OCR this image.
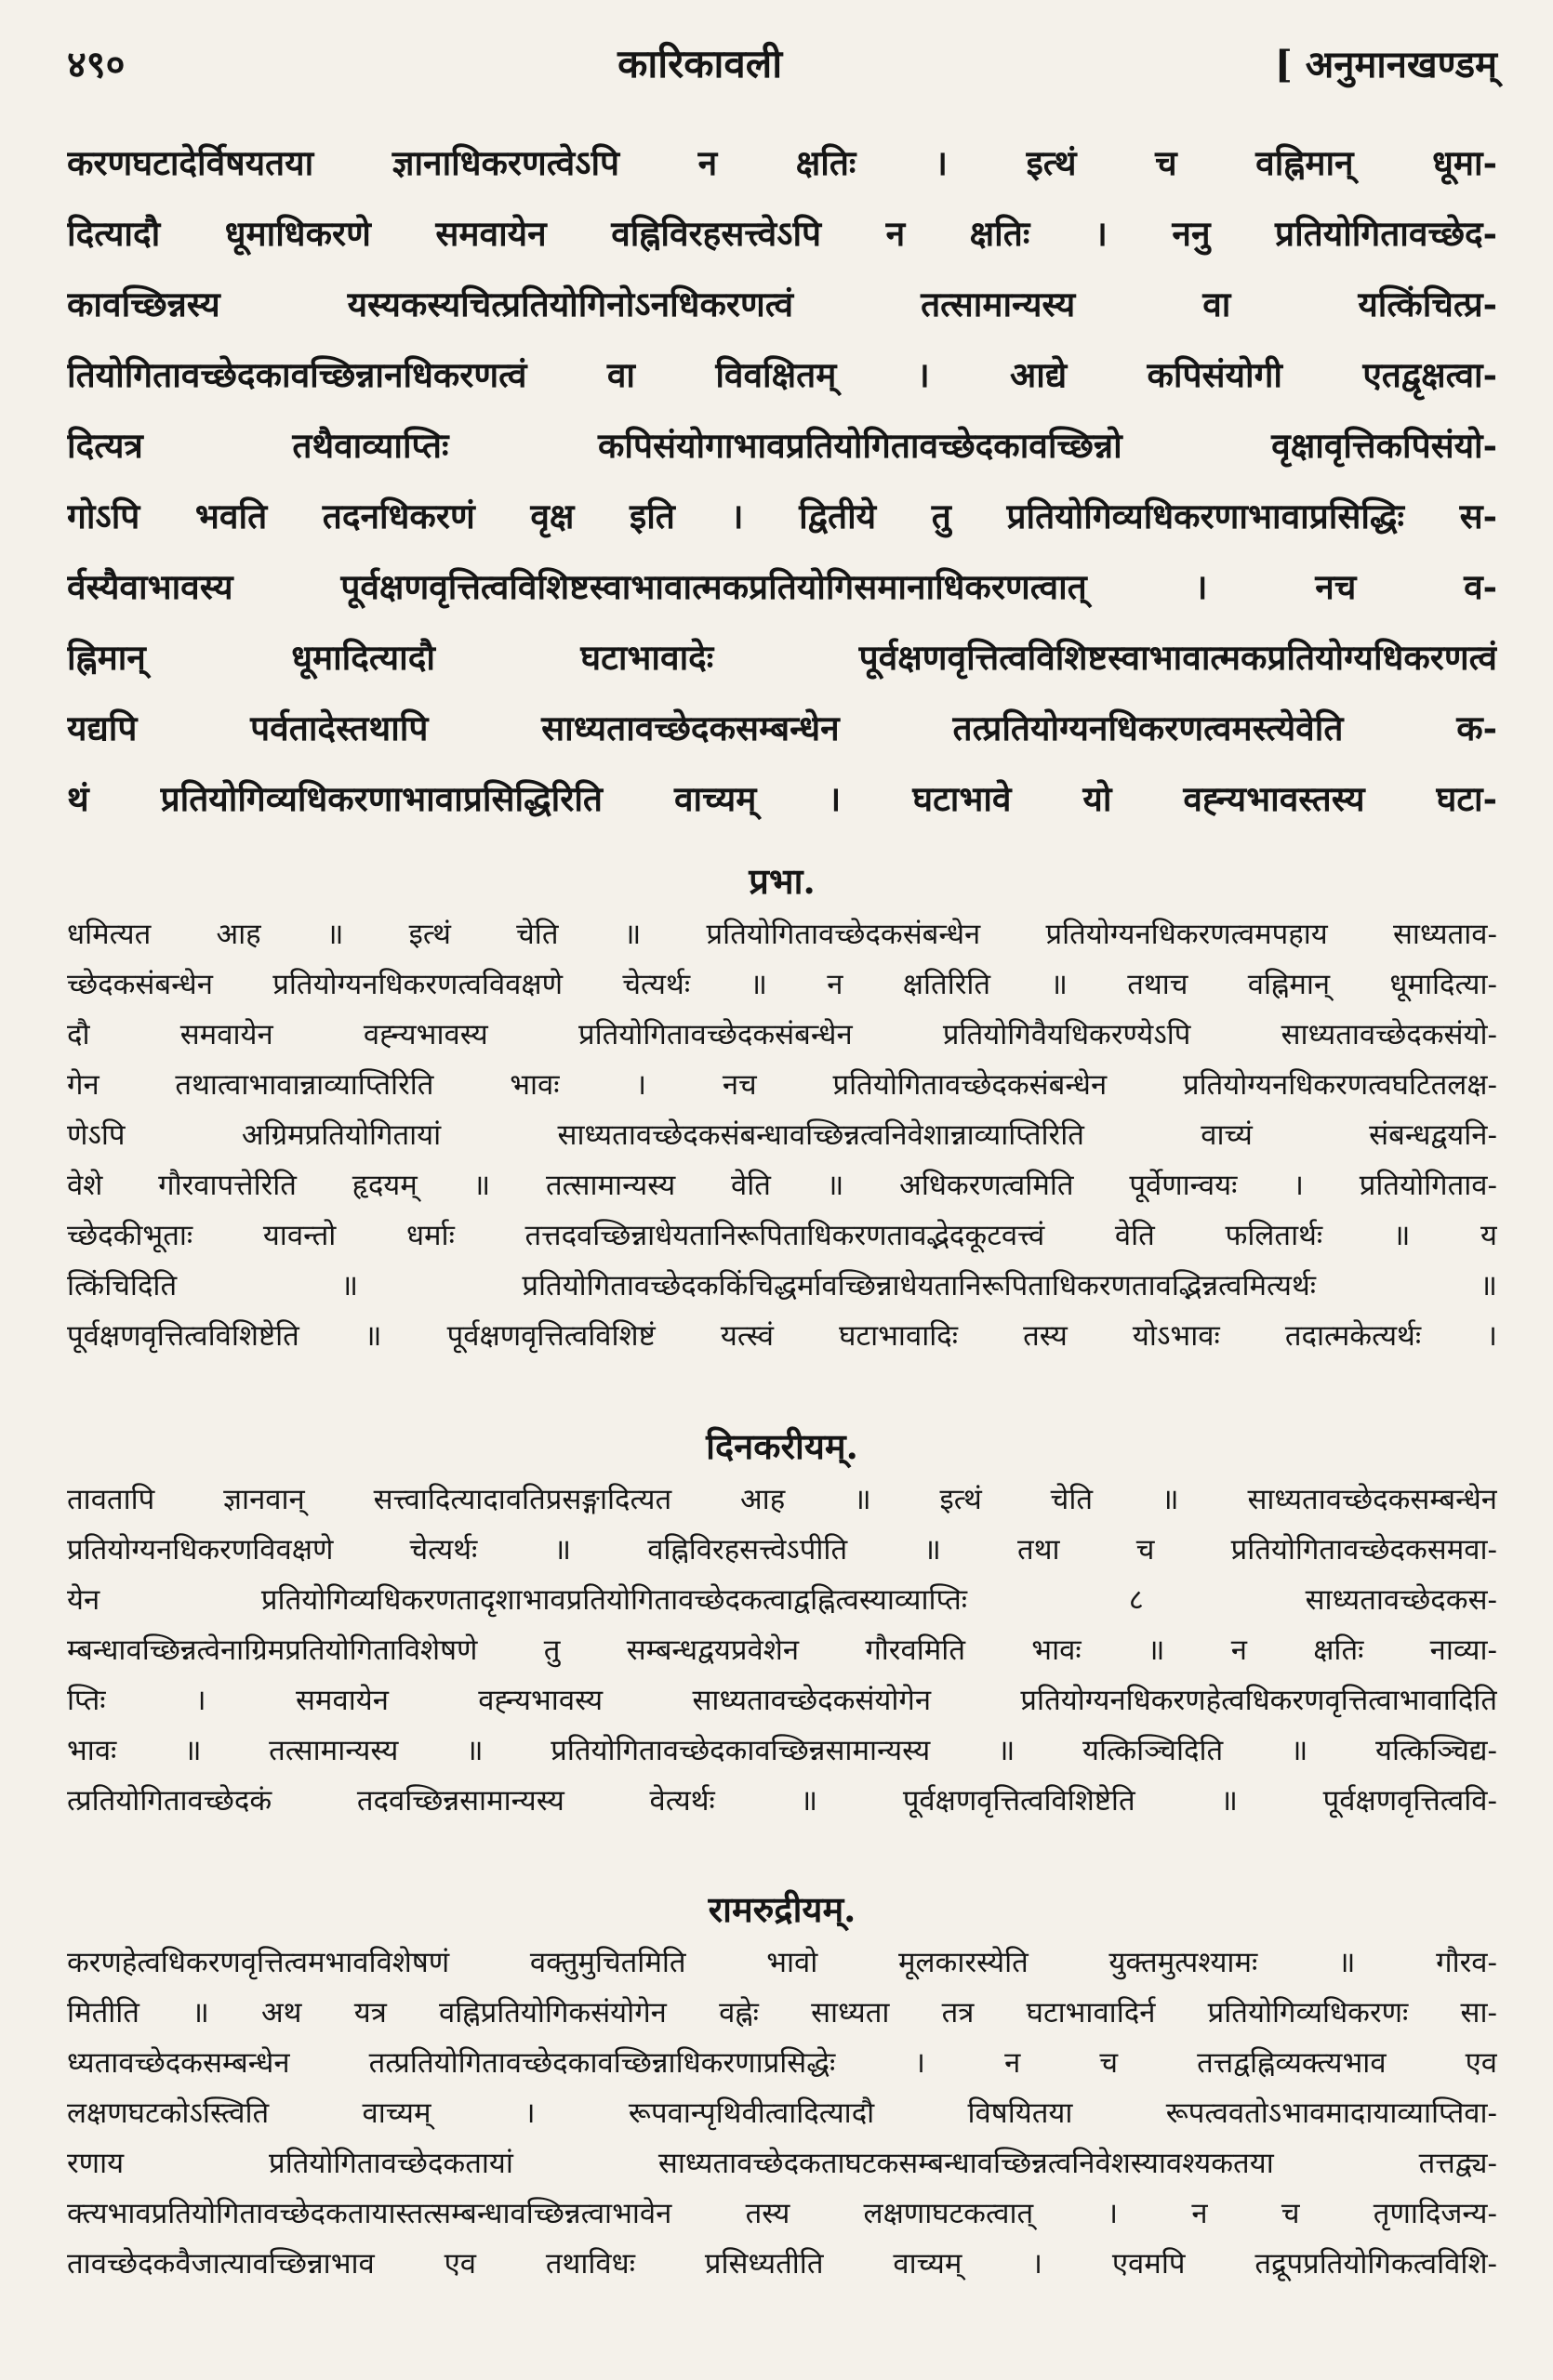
४९०	कारिकावली	[ अनुमानखण्डम्
करणघटादेर्विषयतया ज्ञानाधिकरणत्वेऽपि न क्षतिः । इत्थं च वह्निमान् धूमा-
दित्यादौ धूमाधिकरणे समवायेन वह्निविरहसत्त्वेऽपि न क्षतिः । ननु प्रतियोगितावच्छेद-
कावच्छिन्नस्य यस्यकस्यचित्प्रतियोगिनोऽनधिकरणत्वं तत्सामान्यस्य वा यत्किंचित्प्र-
तियोगितावच्छेदकावच्छिन्नानधिकरणत्वं वा विवक्षितम् । आद्ये कपिसंयोगी एतद्वृक्षत्वा-
दित्यत्र तथैवाव्याप्तिः कपिसंयोगाभावप्रतियोगितावच्छेदकावच्छिन्नो वृक्षावृत्तिकपिसंयो-
गोऽपि भवति तदनधिकरणं वृक्ष इति । द्वितीये तु प्रतियोगिव्यधिकरणाभावाप्रसिद्धिः स-
र्वस्यैवाभावस्य पूर्वक्षणवृत्तित्वविशिष्टस्वाभावात्मकप्रतियोगिसमानाधिकरणत्वात् । नच व-
ह्निमान् धूमादित्यादौ घटाभावादेः पूर्वक्षणवृत्तित्वविशिष्टस्वाभावात्मकप्रतियोग्यधिकरणत्वं
यद्यपि पर्वतादेस्तथापि साध्यतावच्छेदकसम्बन्धेन तत्प्रतियोग्यनधिकरणत्वमस्त्येवेति क-
थं प्रतियोगिव्यधिकरणाभावाप्रसिद्धिरिति वाच्यम् । घटाभावे यो वह्न्यभावस्तस्य घटा-
प्रभा.
धमित्यत आह ॥ इत्थं चेति ॥ प्रतियोगितावच्छेदकसंबन्धेन प्रतियोग्यनधिकरणत्वमपहाय साध्यताव-
च्छेदकसंबन्धेन प्रतियोग्यनधिकरणत्वविवक्षणे चेत्यर्थः ॥ न क्षतिरिति ॥ तथाच वह्निमान् धूमादित्या-
दौ समवायेन वह्न्यभावस्य प्रतियोगितावच्छेदकसंबन्धेन प्रतियोगिवैयधिकरण्येऽपि साध्यतावच्छेदकसंयो-
गेन तथात्वाभावान्नाव्याप्तिरिति भावः । नच प्रतियोगितावच्छेदकसंबन्धेन प्रतियोग्यनधिकरणत्वघटितलक्ष-
णेऽपि अग्रिमप्रतियोगितायां साध्यतावच्छेदकसंबन्धावच्छिन्नत्वनिवेशान्नाव्याप्तिरिति वाच्यं संबन्धद्वयनि-
वेशे गौरवापत्तेरिति हृदयम् ॥ तत्सामान्यस्य वेति ॥ अधिकरणत्वमिति पूर्वेणान्वयः । प्रतियोगिताव-
च्छेदकीभूताः यावन्तो धर्माः तत्तदवच्छिन्नाधेयतानिरूपिताधिकरणतावद्भेदकूटवत्त्वं वेति फलितार्थः ॥ य
त्किंचिदिति ॥ प्रतियोगितावच्छेदककिंचिद्धर्मावच्छिन्नाधेयतानिरूपिताधिकरणतावद्भिन्नत्वमित्यर्थः ॥
पूर्वक्षणवृत्तित्वविशिष्टेति ॥ पूर्वक्षणवृत्तित्वविशिष्टं यत्स्वं घटाभावादिः तस्य योऽभावः तदात्मकेत्यर्थः ।
दिनकरीयम्.
तावतापि ज्ञानवान् सत्त्वादित्यादावतिप्रसङ्गादित्यत आह ॥ इत्थं चेति ॥ साध्यतावच्छेदकसम्बन्धेन
प्रतियोग्यनधिकरणविवक्षणे चेत्यर्थः ॥ वह्निविरहसत्त्वेऽपीति ॥ तथा च प्रतियोगितावच्छेदकसमवा-
येन प्रतियोगिव्यधिकरणतादृशाभावप्रतियोगितावच्छेदकत्वाद्वह्नित्वस्याव्याप्तिः ८ साध्यतावच्छेदकस-
म्बन्धावच्छिन्नत्वेनाग्रिमप्रतियोगिताविशेषणे तु सम्बन्धद्वयप्रवेशेन गौरवमिति भावः ॥ न क्षतिः नाव्या-
प्तिः । समवायेन वह्न्यभावस्य साध्यतावच्छेदकसंयोगेन प्रतियोग्यनधिकरणहेत्वधिकरणवृत्तित्वाभावादिति
भावः ॥ तत्सामान्यस्य ॥ प्रतियोगितावच्छेदकावच्छिन्नसामान्यस्य ॥ यत्किञ्चिदिति ॥ यत्किञ्चिद्य-
त्प्रतियोगितावच्छेदकं तदवच्छिन्नसामान्यस्य वेत्यर्थः ॥ पूर्वक्षणवृत्तित्वविशिष्टेति ॥ पूर्वक्षणवृत्तित्ववि-
रामरुद्रीयम्.
करणहेत्वधिकरणवृत्तित्वमभावविशेषणं वक्तुमुचितमिति भावो मूलकारस्येति युक्तमुत्पश्यामः ॥ गौरव-
मितीति ॥ अथ यत्र वह्निप्रतियोगिकसंयोगेन वह्नेः साध्यता तत्र घटाभावादिर्न प्रतियोगिव्यधिकरणः सा-
ध्यतावच्छेदकसम्बन्धेन तत्प्रतियोगितावच्छेदकावच्छिन्नाधिकरणाप्रसिद्धेः । न च तत्तद्वह्निव्यक्त्यभाव एव
लक्षणघटकोऽस्त्विति वाच्यम् । रूपवान्पृथिवीत्वादित्यादौ विषयितया रूपत्ववतोऽभावमादायाव्याप्तिवा-
रणाय प्रतियोगितावच्छेदकतायां साध्यतावच्छेदकताघटकसम्बन्धावच्छिन्नत्वनिवेशस्यावश्यकतया तत्तद्व्य-
क्त्यभावप्रतियोगितावच्छेदकतायास्तत्सम्बन्धावच्छिन्नत्वाभावेन तस्य लक्षणाघटकत्वात् । न च तृणादिजन्य-
तावच्छेदकवैजात्यावच्छिन्नाभाव एव तथाविधः प्रसिध्यतीति वाच्यम् । एवमपि तद्रूपप्रतियोगिकत्वविशि-
